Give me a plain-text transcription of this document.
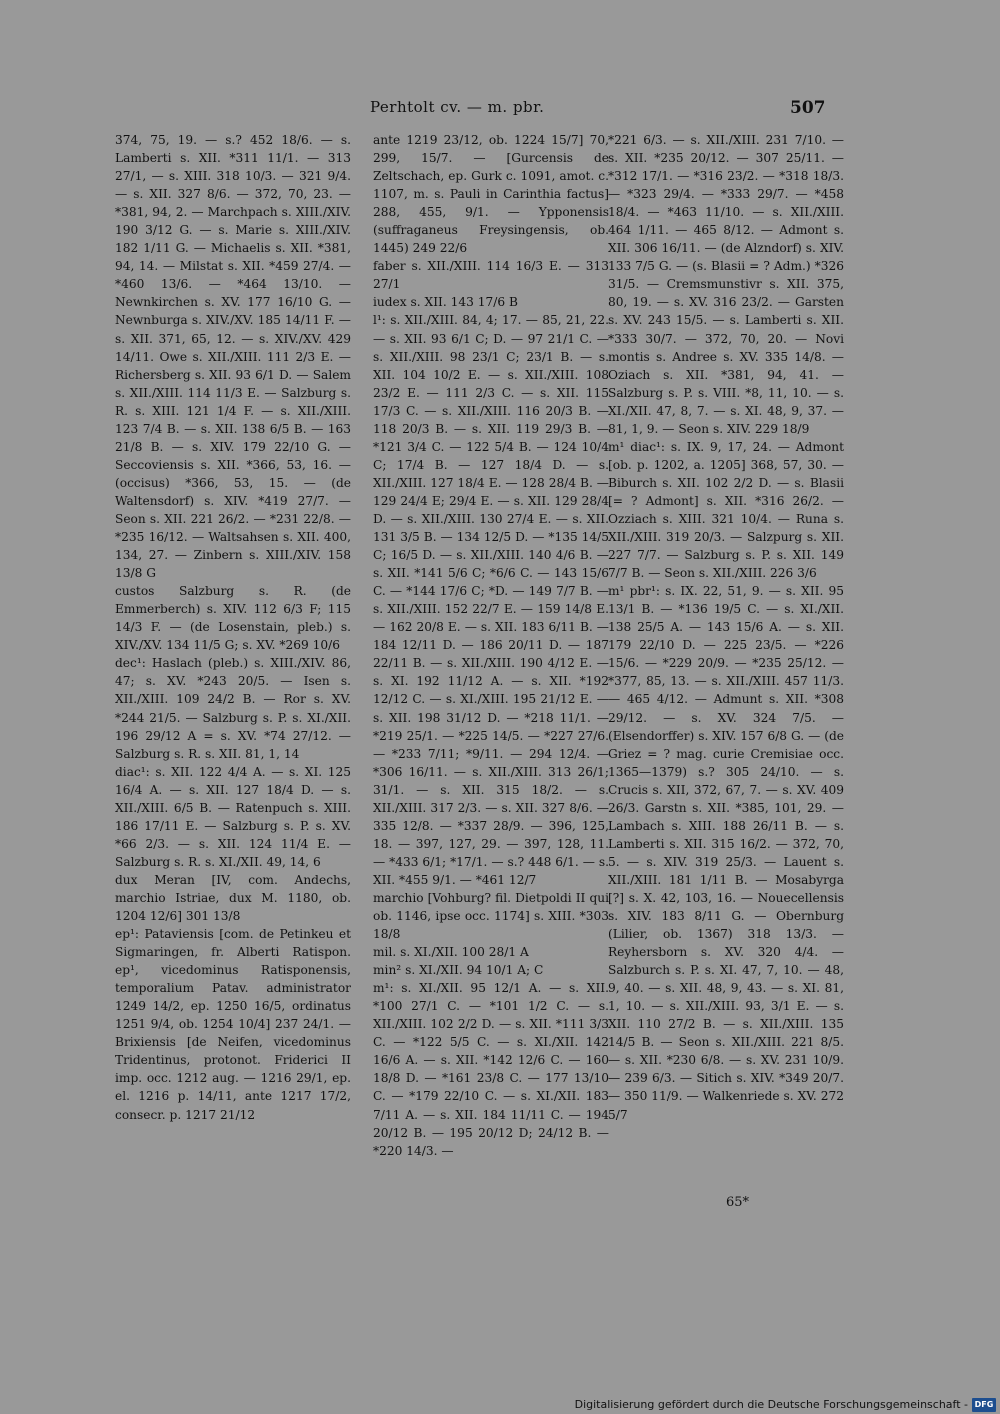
Perhtolt cv. — m. pbr.	507

374, 75, 19. — s.? 452 18/6. — s. Lamberti s. XII. *311 11/1. — 313 27/1, — s. XIII. 318 10/3. — 321 9/4. — s. XII. 327 8/6. — 372, 70, 23. — *381, 94, 2. — Marchpach s. XIII./XIV. 190 3/12 G. — s. Marie s. XIII./XIV. 182 1/11 G. — Michaelis s. XII. *381, 94, 14. — Milstat s. XII. *459 27/4. — *460 13/6. — *464 13/10. — Newnkirchen s. XV. 177 16/10 G. — Newnburga s. XIV./XV. 185 14/11 F. — s. XII. 371, 65, 12. — s. XIV./XV. 429 14/11. Owe s. XII./XIII. 111 2/3 E. — Richersberg s. XII. 93 6/1 D. — Salem s. XII./XIII. 114 11/3 E. — Salzburg s. R. s. XIII. 121 1/4 F. — s. XII./XIII. 123 7/4 B. — s. XII. 138 6/5 B. — 163 21/8 B. — s. XIV. 179 22/10 G. — Seccoviensis s. XII. *366, 53, 16. — (occisus) *366, 53, 15. — (de Waltensdorf) s. XIV. *419 27/7. — Seon s. XII. 221 26/2. — *231 22/8. — *235 16/12. — Waltsahsen s. XII. 400, 134, 27. — Zinbern s. XIII./XIV. 158 13/8 G

custos Salzburg s. R. (de Emmerberch) s. XIV. 112 6/3 F; 115 14/3 F. — (de Losenstain, pleb.) s. XIV./XV. 134 11/5 G; s. XV. *269 10/6

dec¹: Haslach (pleb.) s. XIII./XIV. 86, 47; s. XV. *243 20/5. — Isen s. XII./XIII. 109 24/2 B. — Ror s. XV. *244 21/5. — Salzburg s. P. s. XI./XII. 196 29/12 A = s. XV. *74 27/12. — Salzburg s. R. s. XII. 81, 1, 14

diac¹: s. XII. 122 4/4 A. — s. XI. 125 16/4 A. — s. XII. 127 18/4 D. — s. XII./XIII. 6/5 B. — Ratenpuch s. XIII. 186 17/11 E. — Salzburg s. P. s. XV. *66 2/3. — s. XII. 124 11/4 E. — Salzburg s. R. s. XI./XII. 49, 14, 6

dux Meran [IV, com. Andechs, marchio Istriae, dux M. 1180, ob. 1204 12/6] 301 13/8

ep¹: Pataviensis [com. de Petinkeu et Sigmaringen, fr. Alberti Ratispon. ep¹, vicedominus Ratisponensis, temporalium Patav. administrator 1249 14/2, ep. 1250 16/5, ordinatus 1251 9/4, ob. 1254 10/4] 237 24/1. — Brixiensis [de Neifen, vicedominus Tridentinus, protonot. Friderici II imp. occ. 1212 aug. — 1216 29/1, ep. el. 1216 p. 14/11, ante 1217 17/2, consecr. p. 1217 21/12

ante 1219 23/12, ob. 1224 15/7] 70, 299, 15/7. — [Gurcensis de Zeltschach, ep. Gurk c. 1091, amot. c. 1107, m. s. Pauli in Carinthia factus] 288, 455, 9/1. — Ypponensis (suffraganeus Freysingensis, ob. 1445) 249 22/6

faber s. XII./XIII. 114 16/3 E. — 313 27/1

iudex s. XII. 143 17/6 B

l¹: s. XII./XIII. 84, 4; 17. — 85, 21, 22. — s. XII. 93 6/1 C; D. — 97 21/1 C. — s. XII./XIII. 98 23/1 C; 23/1 B. — s. XII. 104 10/2 E. — s. XII./XIII. 108 23/2 E. — 111 2/3 C. — s. XII. 115 17/3 C. — s. XII./XIII. 116 20/3 B. — 118 20/3 B. — s. XII. 119 29/3 B. — *121 3/4 C. — 122 5/4 B. — 124 10/4 C; 17/4 B. — 127 18/4 D. — s. XII./XIII. 127 18/4 E. — 128 28/4 B. — 129 24/4 E; 29/4 E. — s. XII. 129 28/4 D. — s. XII./XIII. 130 27/4 E. — s. XII. 131 3/5 B. — 134 12/5 D. — *135 14/5 C; 16/5 D. — s. XII./XIII. 140 4/6 B. — s. XII. *141 5/6 C; *6/6 C. — 143 15/6 C. — *144 17/6 C; *D. — 149 7/7 B. — s. XII./XIII. 152 22/7 E. — 159 14/8 E. — 162 20/8 E. — s. XII. 183 6/11 B. — 184 12/11 D. — 186 20/11 D. — 187 22/11 B. — s. XII./XIII. 190 4/12 E. — s. XI. 192 11/12 A. — s. XII. *192 12/12 C. — s. XI./XIII. 195 21/12 E. — s. XII. 198 31/12 D. — *218 11/1. — *219 25/1. — *225 14/5. — *227 27/6. — *233 7/11; *9/11. — 294 12/4. — *306 16/11. — s. XII./XIII. 313 26/1; 31/1. — s. XII. 315 18/2. — s. XII./XIII. 317 2/3. — s. XII. 327 8/6. — 335 12/8. — *337 28/9. — 396, 125, 18. — 397, 127, 29. — 397, 128, 11. — *433 6/1; *17/1. — s.? 448 6/1. — s. XII. *455 9/1. — *461 12/7

marchio [Vohburg? fil. Dietpoldi II qui ob. 1146, ipse occ. 1174] s. XIII. *303 18/8

mil. s. XI./XII. 100 28/1 A

min² s. XI./XII. 94 10/1 A; C

m¹: s. XI./XII. 95 12/1 A. — s. XII. *100 27/1 C. — *101 1/2 C. — s. XII./XIII. 102 2/2 D. — s. XII. *111 3/3 C. — *122 5/5 C. — s. XI./XII. 142 16/6 A. — s. XII. *142 12/6 C. — 160 18/8 D. — *161 23/8 C. — 177 13/10 C. — *179 22/10 C. — s. XI./XII. 183 7/11 A. — s. XII. 184 11/11 C. — 194 20/12 B. — 195 20/12 D; 24/12 B. — *220 14/3. —

*221 6/3. — s. XII./XIII. 231 7/10. — s. XII. *235 20/12. — 307 25/11. — *312 17/1. — *316 23/2. — *318 18/3. — *323 29/4. — *333 29/7. — *458 18/4. — *463 11/10. — s. XII./XIII. 464 1/11. — 465 8/12. — Admont s. XII. 306 16/11. — (de Alzndorf) s. XIV. 133 7/5 G. — (s. Blasii = ? Adm.) *326 31/5. — Cremsmunstivr s. XII. 375, 80, 19. — s. XV. 316 23/2. — Garsten s. XV. 243 15/5. — s. Lamberti s. XII. *333 30/7. — 372, 70, 20. — Novi montis s. Andree s. XV. 335 14/8. — Oziach s. XII. *381, 94, 41. — Salzburg s. P. s. VIII. *8, 11, 10. — s. XI./XII. 47, 8, 7. — s. XI. 48, 9, 37. — 81, 1, 9. — Seon s. XIV. 229 18/9

m¹ diac¹: s. IX. 9, 17, 24. — Admont [ob. p. 1202, a. 1205] 368, 57, 30. — Biburch s. XII. 102 2/2 D. — s. Blasii [= ? Admont] s. XII. *316 26/2. — Ozziach s. XIII. 321 10/4. — Runa s. XII./XIII. 319 20/3. — Salzpurg s. XII. 227 7/7. — Salzburg s. P. s. XII. 149 7/7 B. — Seon s. XII./XIII. 226 3/6

m¹ pbr¹: s. IX. 22, 51, 9. — s. XII. 95 13/1 B. — *136 19/5 C. — s. XI./XII. 138 25/5 A. — 143 15/6 A. — s. XII. 179 22/10 D. — 225 23/5. — *226 15/6. — *229 20/9. — *235 25/12. — *377, 85, 13. — s. XII./XIII. 457 11/3. — 465 4/12. — Admunt s. XII. *308 29/12. — s. XV. 324 7/5. — (Elsendorffer) s. XIV. 157 6/8 G. — (de Griez = ? mag. curie Cremisiae occ. 1365—1379) s.? 305 24/10. — s. Crucis s. XII, 372, 67, 7. — s. XV. 409 26/3. Garstn s. XII. *385, 101, 29. — Lambach s. XIII. 188 26/11 B. — s. Lamberti s. XII. 315 16/2. — 372, 70, 5. — s. XIV. 319 25/3. — Lauent s. XII./XIII. 181 1/11 B. — Mosabyrga [?] s. X. 42, 103, 16. — Nouecellensis s. XIV. 183 8/11 G. — Obernburg (Lilier, ob. 1367) 318 13/3. — Reyhersborn s. XV. 320 4/4. — Salzburch s. P. s. XI. 47, 7, 10. — 48, 9, 40. — s. XII. 48, 9, 43. — s. XI. 81, 1, 10. — s. XII./XIII. 93, 3/1 E. — s. XII. 110 27/2 B. — s. XII./XIII. 135 14/5 B. — Seon s. XII./XIII. 221 8/5. — s. XII. *230 6/8. — s. XV. 231 10/9. — 239 6/3. — Sitich s. XIV. *349 20/7. — 350 11/9. — Walkenriede s. XV. 272 5/7

65*
Digitalisierung gefördert durch die Deutsche Forschungsgemeinschaft - DFG
